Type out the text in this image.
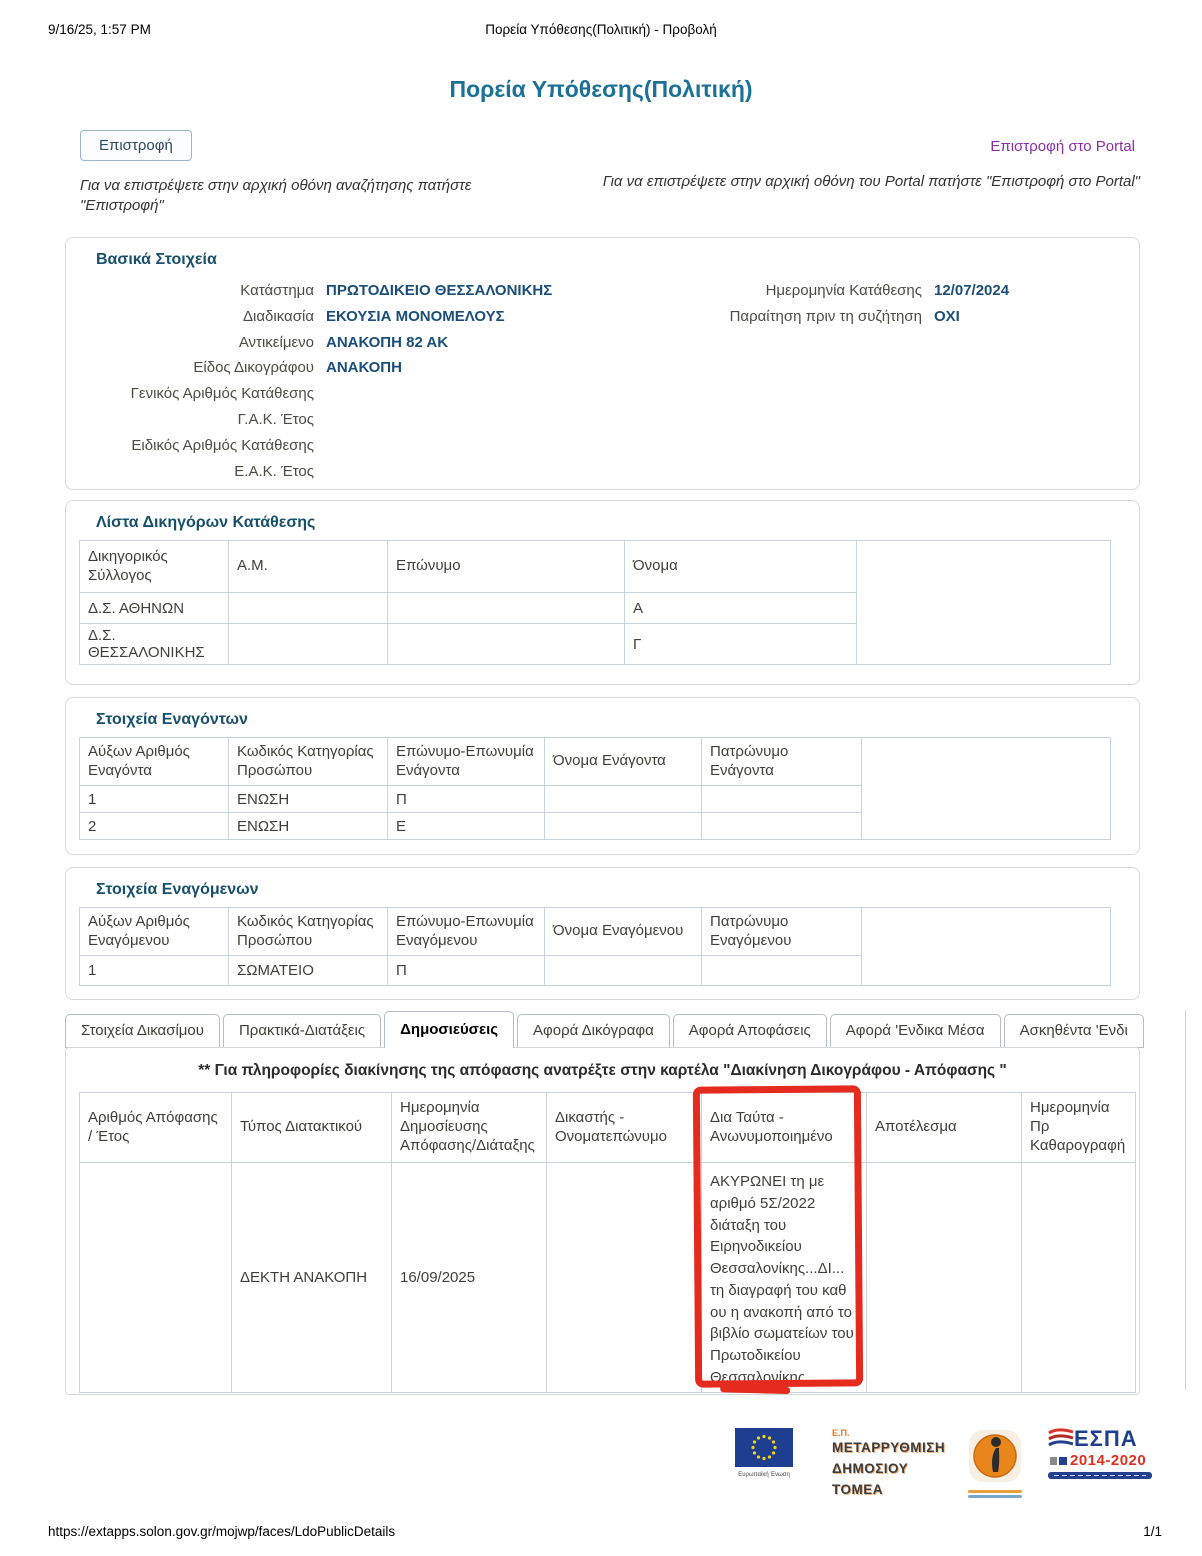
9/16/25, 1:57 PM	Πορεία Υπόθεσης(Πολιτική) - Προβολή
Πορεία Υπόθεσης(Πολιτική)
Επιστροφή	Επιστροφή στο Portal
Για να επιστρέψετε στην αρχική οθόνη αναζήτησης πατήστε "Επιστροφή"
Για να επιστρέψετε στην αρχική οθόνη του Portal πατήστε "Επιστροφή στο Portal"
Βασικά Στοιχεία
Κατάστημα ΠΡΩΤΟΔΙΚΕΙΟ ΘΕΣΣΑΛΟΝΙΚΗΣ
Διαδικασία ΕΚΟΥΣΙΑ ΜΟΝΟΜΕΛΟΥΣ
Αντικείμενο ΑΝΑΚΟΠΗ 82 ΑΚ
Είδος Δικογράφου ΑΝΑΚΟΠΗ
Γενικός Αριθμός Κατάθεσης
Γ.Α.Κ. Έτος
Ειδικός Αριθμός Κατάθεσης
Ε.Α.Κ. Έτος
Ημερομηνία Κατάθεσης 12/07/2024
Παραίτηση πριν τη συζήτηση ΟΧΙ
Λίστα Δικηγόρων Κατάθεσης
Δικηγορικός Σύλλογος	Α.Μ.	Επώνυμο	Όνομα	
Δ.Σ. ΑΘΗΝΩΝ			Α	
Δ.Σ. ΘΕΣΣΑΛΟΝΙΚΗΣ			Γ	
Στοιχεία Εναγόντων
Αύξων Αριθμός Εναγόντα	Κωδικός Κατηγορίας Προσώπου	Επώνυμο-Επωνυμία Ενάγοντα	Όνομα Ενάγοντα	Πατρώνυμο Ενάγοντα	
1	ΕΝΩΣΗ	Π			
2	ΕΝΩΣΗ	Ε			
Στοιχεία Εναγόμενων
Αύξων Αριθμός Εναγόμενου	Κωδικός Κατηγορίας Προσώπου	Επώνυμο-Επωνυμία Εναγόμενου	Όνομα Εναγόμενου	Πατρώνυμο Εναγόμενου	
1	ΣΩΜΑΤΕΙΟ	Π			
Στοιχεία Δικασίμου	Πρακτικά-Διατάξεις	Δημοσιεύσεις	Αφορά Δικόγραφα	Αφορά Αποφάσεις	Αφορά 'Ενδικα Μέσα	Ασκηθέντα 'Ενδι
** Για πληροφορίες διακίνησης της απόφασης ανατρέξτε στην καρτέλα "Διακίνηση Δικογράφου - Απόφασης "
Αριθμός Απόφασης / Έτος	Τύπος Διατακτικού	Ημερομηνία Δημοσίευσης Απόφασης/Διάταξης	Δικαστής - Ονοματεπώνυμο	Δια Ταύτα - Ανωνυμοποιημένο	Αποτέλεσμα	Ημερομηνία Πρ Καθαρογραφή
	ΔΕΚΤΗ ΑΝΑΚΟΠΗ	16/09/2025		ΑΚΥΡΩΝΕΙ τη με αριθμό 5Σ/2022 διάταξη του Ειρηνοδικείου Θεσσαλονίκης...ΔΙ... τη διαγραφή του καθ ου η ανακοπή από το βιβλίο σωματείων του Πρωτοδικείου Θεσσαλονίκης.		
Ευρωπαϊκή Ένωση
Ε.Π.
ΜΕΤΑΡΡΥΘΜΙΣΗ
ΔΗΜΟΣΙΟΥ
ΤΟΜΕΑ
ΕΣΠΑ
2014-2020
https://extapps.solon.gov.gr/mojwp/faces/LdoPublicDetails	1/1
